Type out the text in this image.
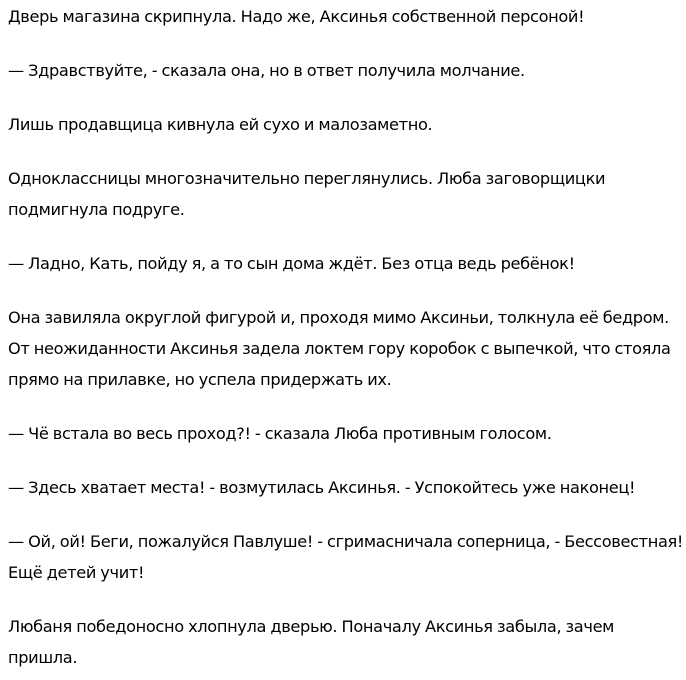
Дверь магазина скрипнула. Надо же, Аксинья собственной персоной!

— Здравствуйте, - сказала она, но в ответ получила молчание.

Лишь продавщица кивнула ей сухо и малозаметно.

Одноклассницы многозначительно переглянулись. Люба заговорщицки подмигнула подруге.

— Ладно, Кать, пойду я, а то сын дома ждёт. Без отца ведь ребёнок!

Она завиляла округлой фигурой и, проходя мимо Аксиньи, толкнула её бедром. От неожиданности Аксинья задела локтем гору коробок с выпечкой, что стояла прямо на прилавке, но успела придержать их.

— Чё встала во весь проход?! - сказала Люба противным голосом.

— Здесь хватает места! - возмутилась Аксинья. - Успокойтесь уже наконец!

— Ой, ой! Беги, пожалуйся Павлуше! - сгримасничала соперница, - Бессовестная! Ещё детей учит!

Любаня победоносно хлопнула дверью. Поначалу Аксинья забыла, зачем пришла.
